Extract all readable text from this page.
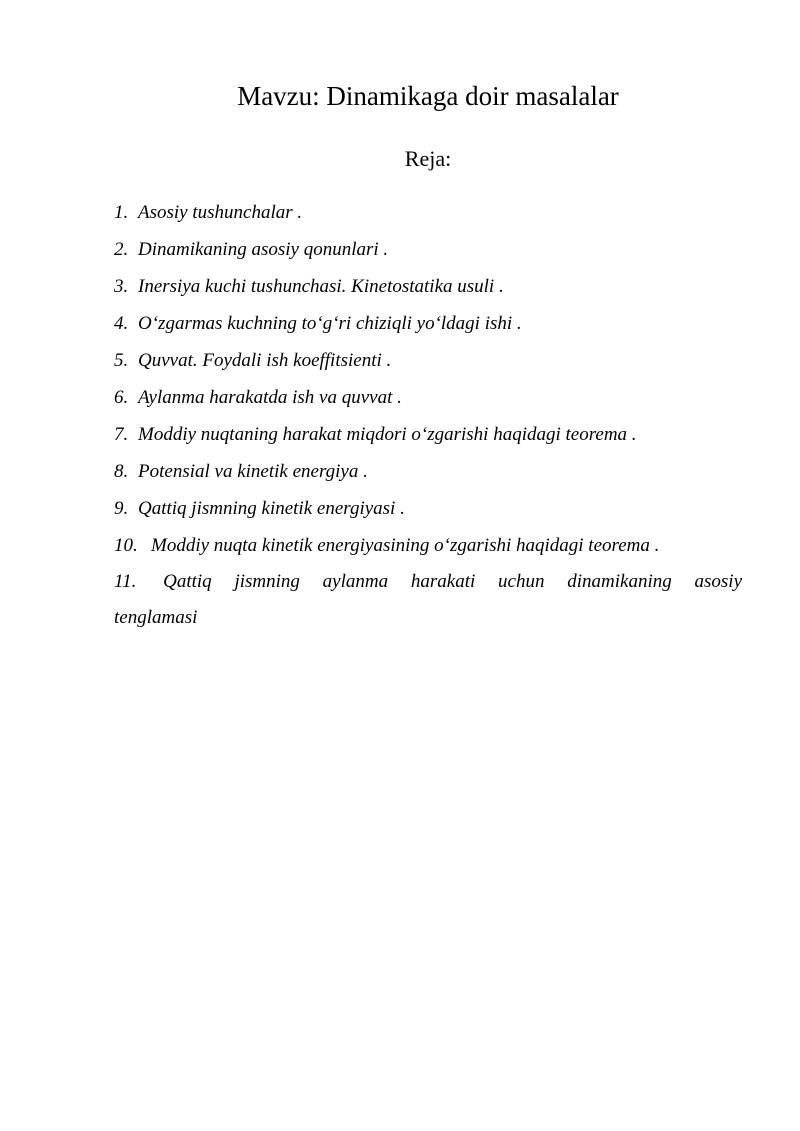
Mavzu: Dinamikaga doir masalalar
Reja:
1. Asosiy tushunchalar .
2. Dinamikaning asosiy qonunlari .
3. Inersiya kuchi tushunchasi. Kinetostatika usuli .
4. O‘zgarmas kuchning to‘g‘ri chiziqli yo‘ldagi ishi .
5. Quvvat. Foydali ish koeffitsienti .
6. Aylanma harakatda ish va quvvat .
7. Moddiy nuqtaning harakat miqdori o‘zgarishi haqidagi teorema .
8. Potensial va kinetik energiya .
9. Qattiq jismning kinetik energiyasi .
10. Moddiy nuqta kinetik energiyasining o‘zgarishi haqidagi teorema .
11. Qattiq jismning aylanma harakati uchun dinamikaning asosiy tenglamasi
